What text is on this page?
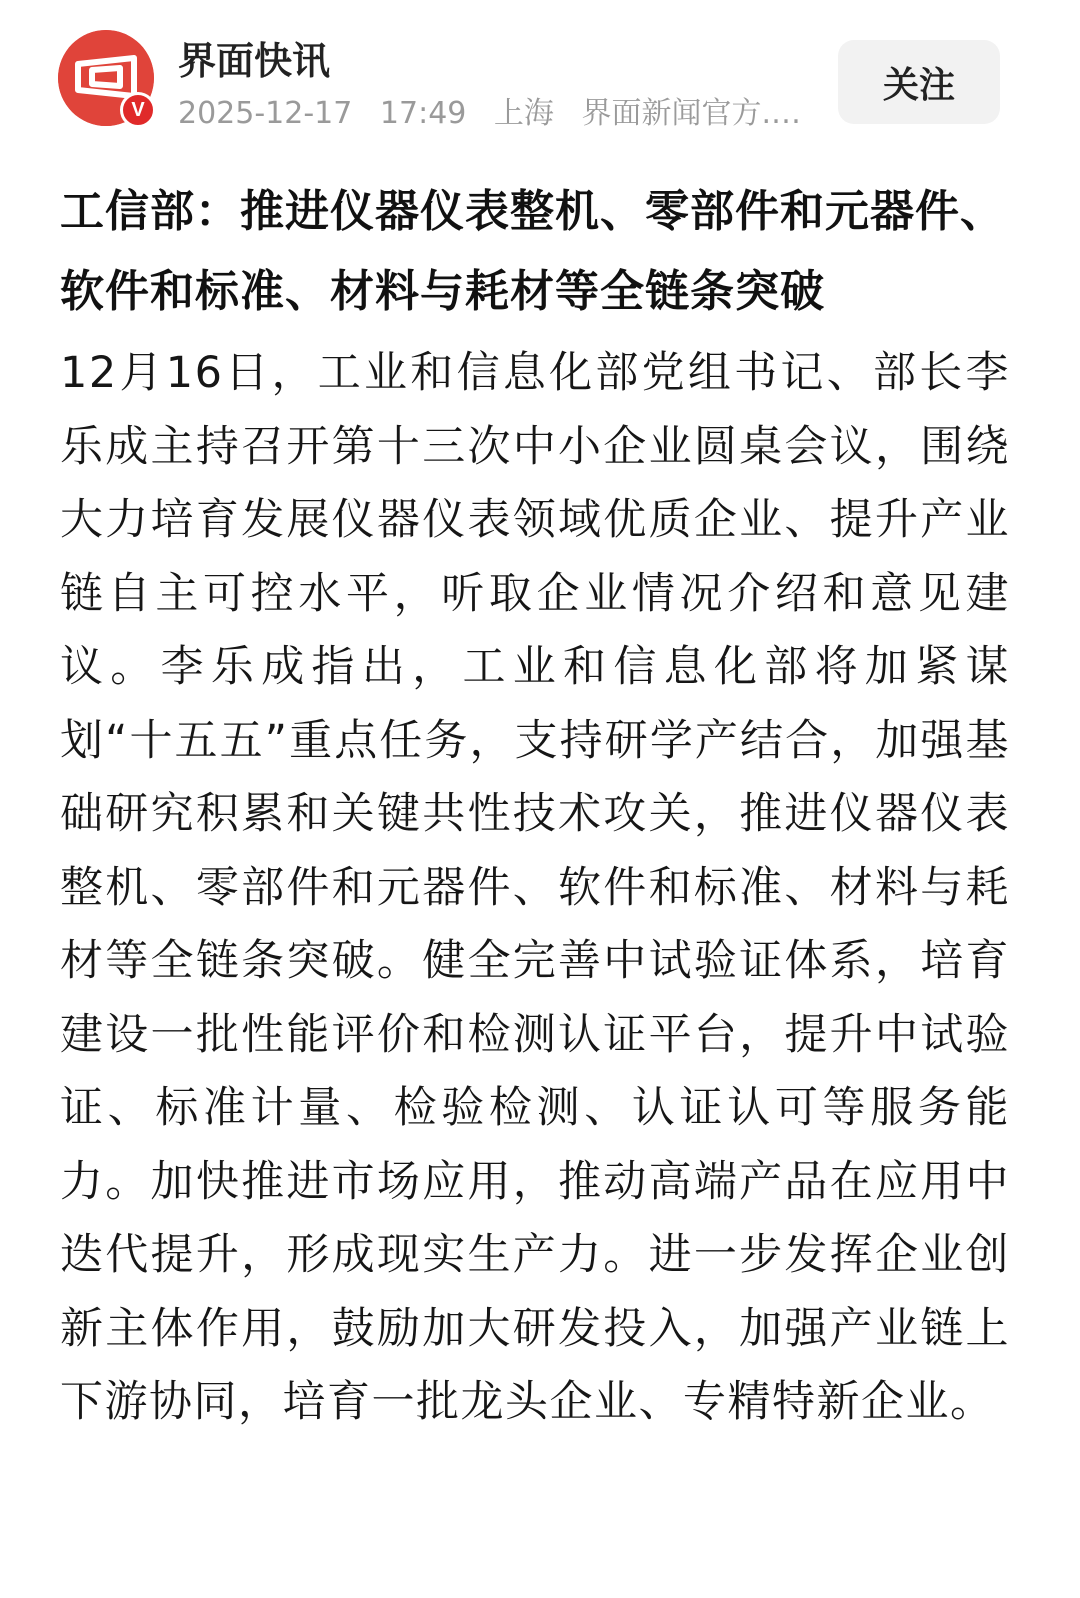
V
界面快讯
2025-12-17 17:49 上海 界面新闻官方...
关注
工信部：推进仪器仪表整机、零部件和元器件、软件和标准、材料与耗材等全链条突破

12月16日，工业和信息化部党组书记、部长李乐成主持召开第十三次中小企业圆桌会议，围绕大力培育发展仪器仪表领域优质企业、提升产业链自主可控水平，听取企业情况介绍和意见建议。李乐成指出，工业和信息化部将加紧谋划“十五五”重点任务，支持研学产结合，加强基础研究积累和关键共性技术攻关，推进仪器仪表整机、零部件和元器件、软件和标准、材料与耗材等全链条突破。健全完善中试验证体系，培育建设一批性能评价和检测认证平台，提升中试验证、标准计量、检验检测、认证认可等服务能力。加快推进市场应用，推动高端产品在应用中迭代提升，形成现实生产力。进一步发挥企业创新主体作用，鼓励加大研发投入，加强产业链上下游协同，培育一批龙头企业、专精特新企业。
